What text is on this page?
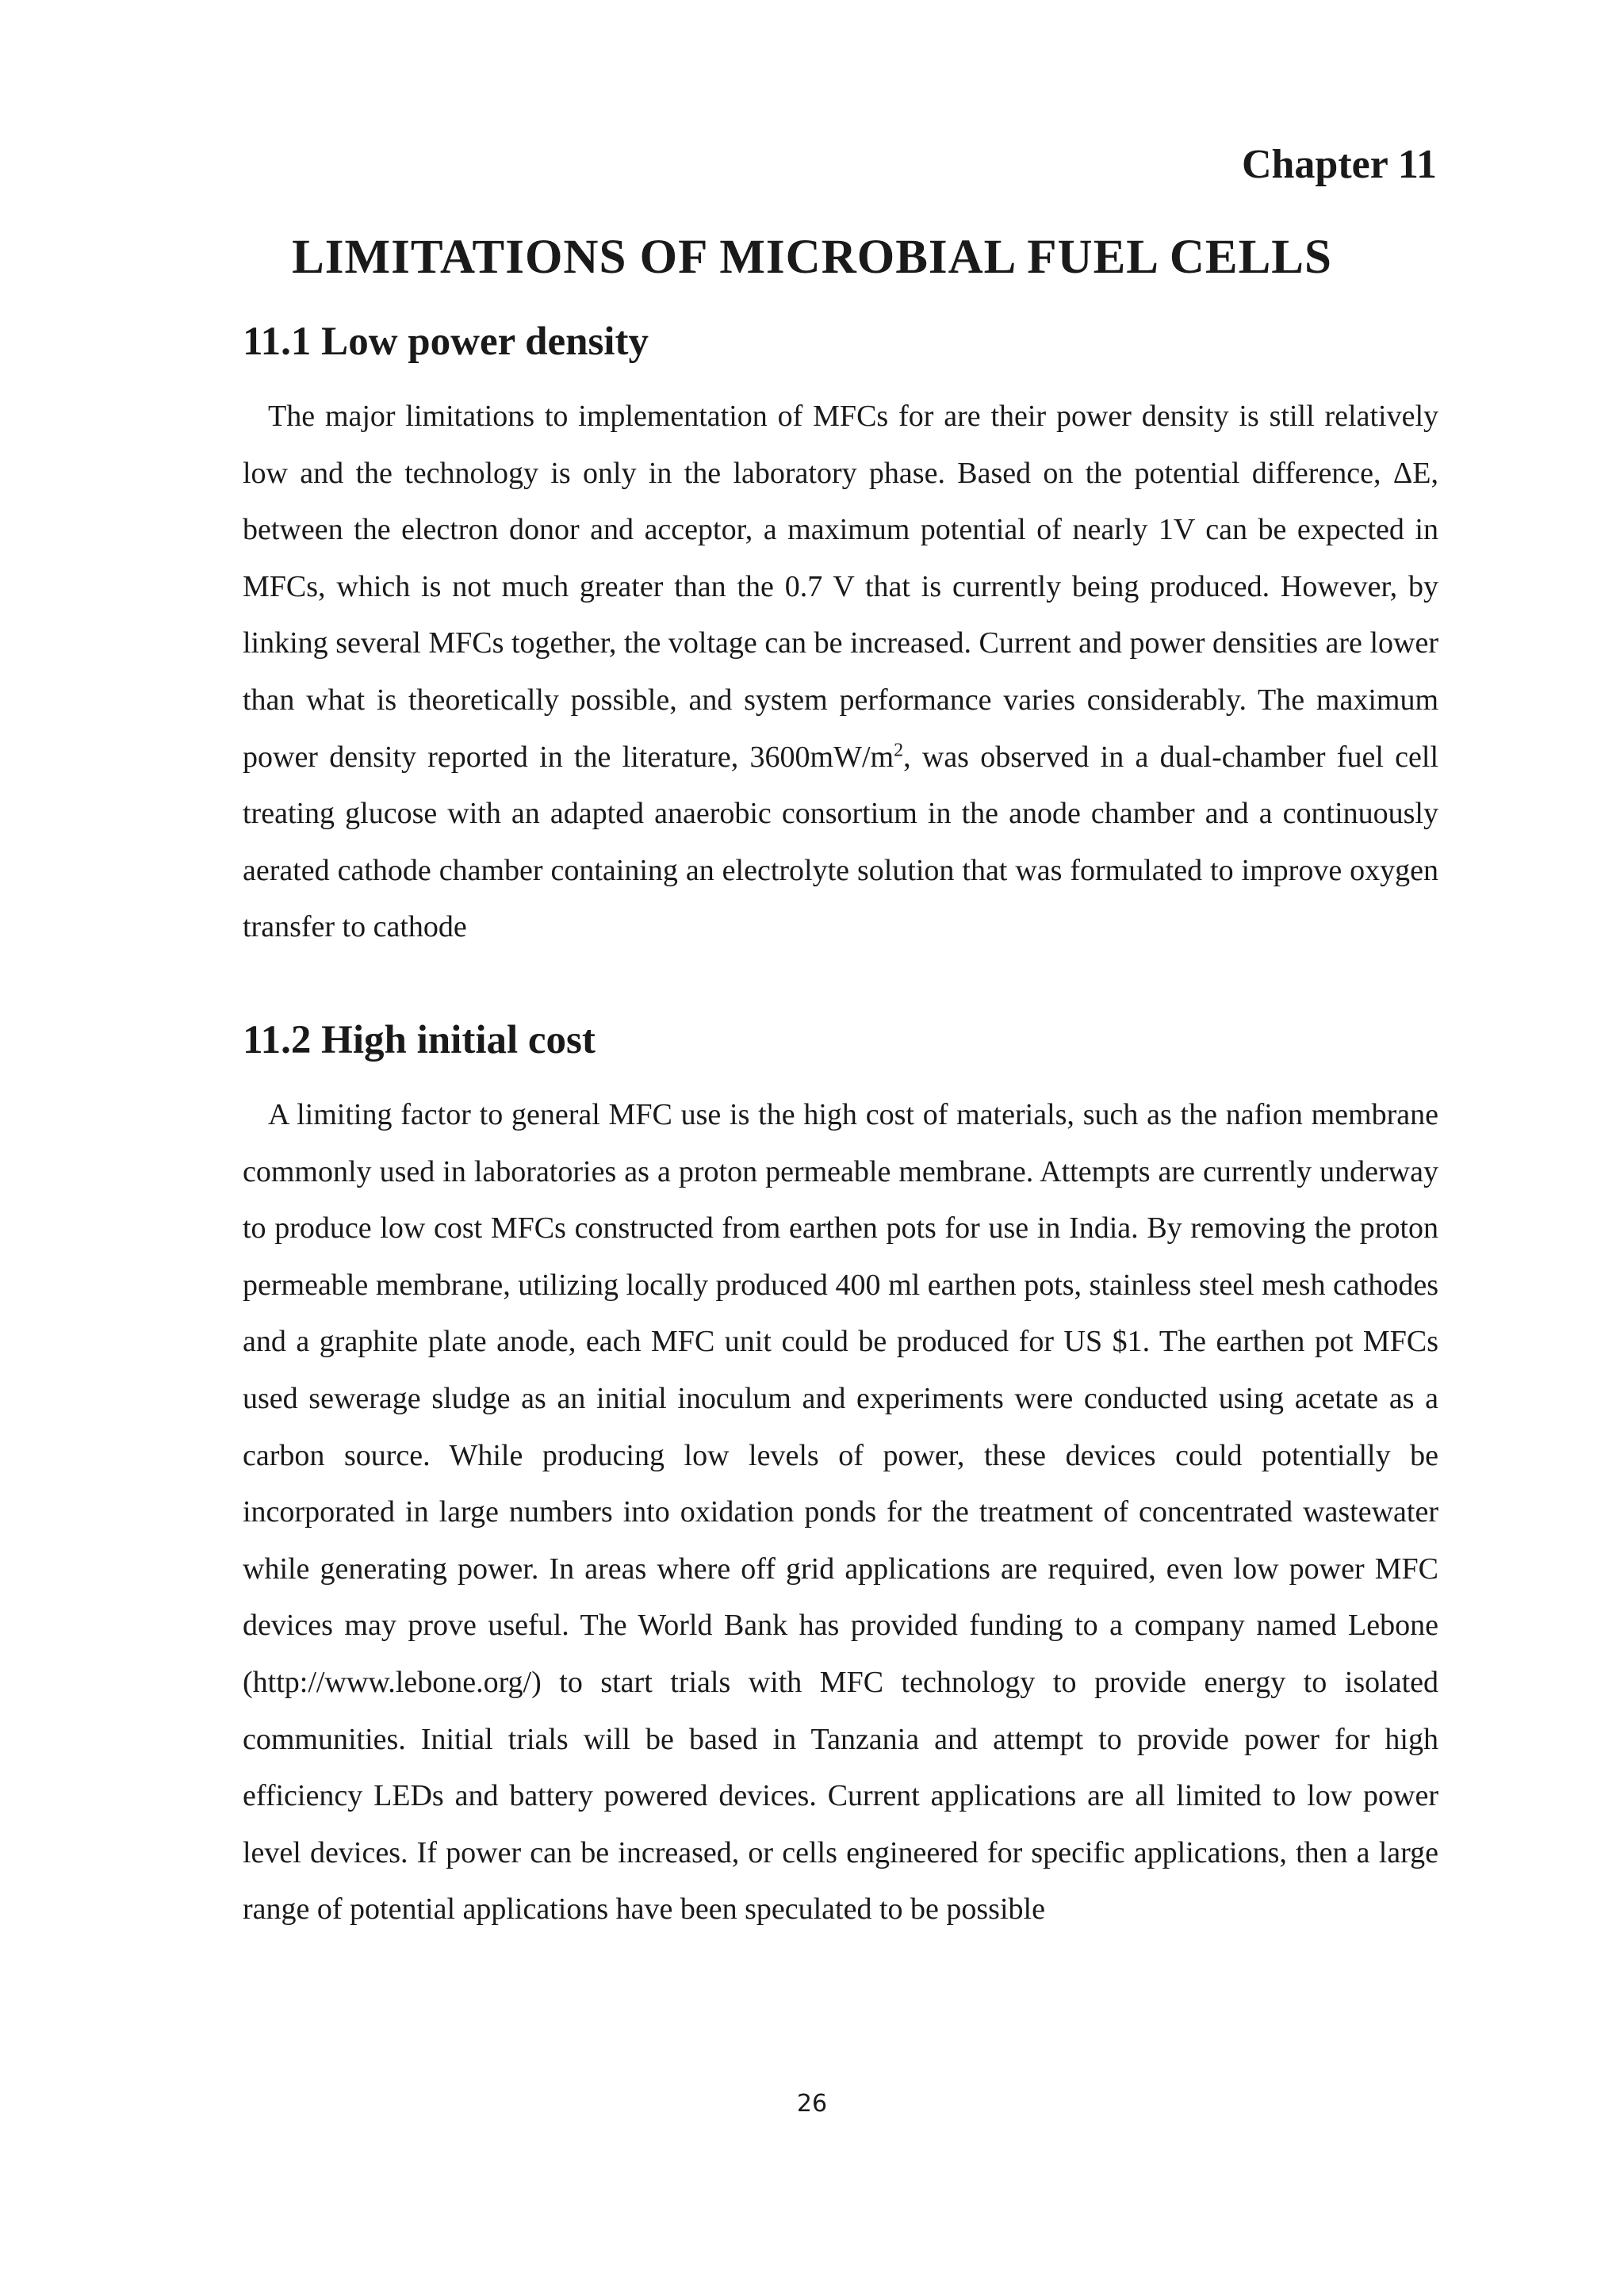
Chapter 11
LIMITATIONS OF MICROBIAL FUEL CELLS
11.1 Low power density
The major limitations to implementation of MFCs for are their power density is still relatively low and the technology is only in the laboratory phase. Based on the potential difference, ΔE, between the electron donor and acceptor, a maximum potential of nearly 1V can be expected in MFCs, which is not much greater than the 0.7 V that is currently being produced. However, by linking several MFCs together, the voltage can be increased. Current and power densities are lower than what is theoretically possible, and system performance varies considerably. The maximum power density reported in the literature, $3600mW/m^2$, was observed in a dual-chamber fuel cell treating glucose with an adapted anaerobic consortium in the anode chamber and a continuously aerated cathode chamber containing an electrolyte solution that was formulated to improve oxygen transfer to cathode
11.2 High initial cost
A limiting factor to general MFC use is the high cost of materials, such as the nafion membrane commonly used in laboratories as a proton permeable membrane. Attempts are currently underway to produce low cost MFCs constructed from earthen pots for use in India. By removing the proton permeable membrane, utilizing locally produced 400 ml earthen pots, stainless steel mesh cathodes and a graphite plate anode, each MFC unit could be produced for US $1. The earthen pot MFCs used sewerage sludge as an initial inoculum and experiments were conducted using acetate as a carbon source. While producing low levels of power, these devices could potentially be incorporated in large numbers into oxidation ponds for the treatment of concentrated wastewater while generating power. In areas where off grid applications are required, even low power MFC devices may prove useful. The World Bank has provided funding to a company named Lebone (http://www.lebone.org/) to start trials with MFC technology to provide energy to isolated communities. Initial trials will be based in Tanzania and attempt to provide power for high efficiency LEDs and battery powered devices. Current applications are all limited to low power level devices. If power can be increased, or cells engineered for specific applications, then a large range of potential applications have been speculated to be possible
26
